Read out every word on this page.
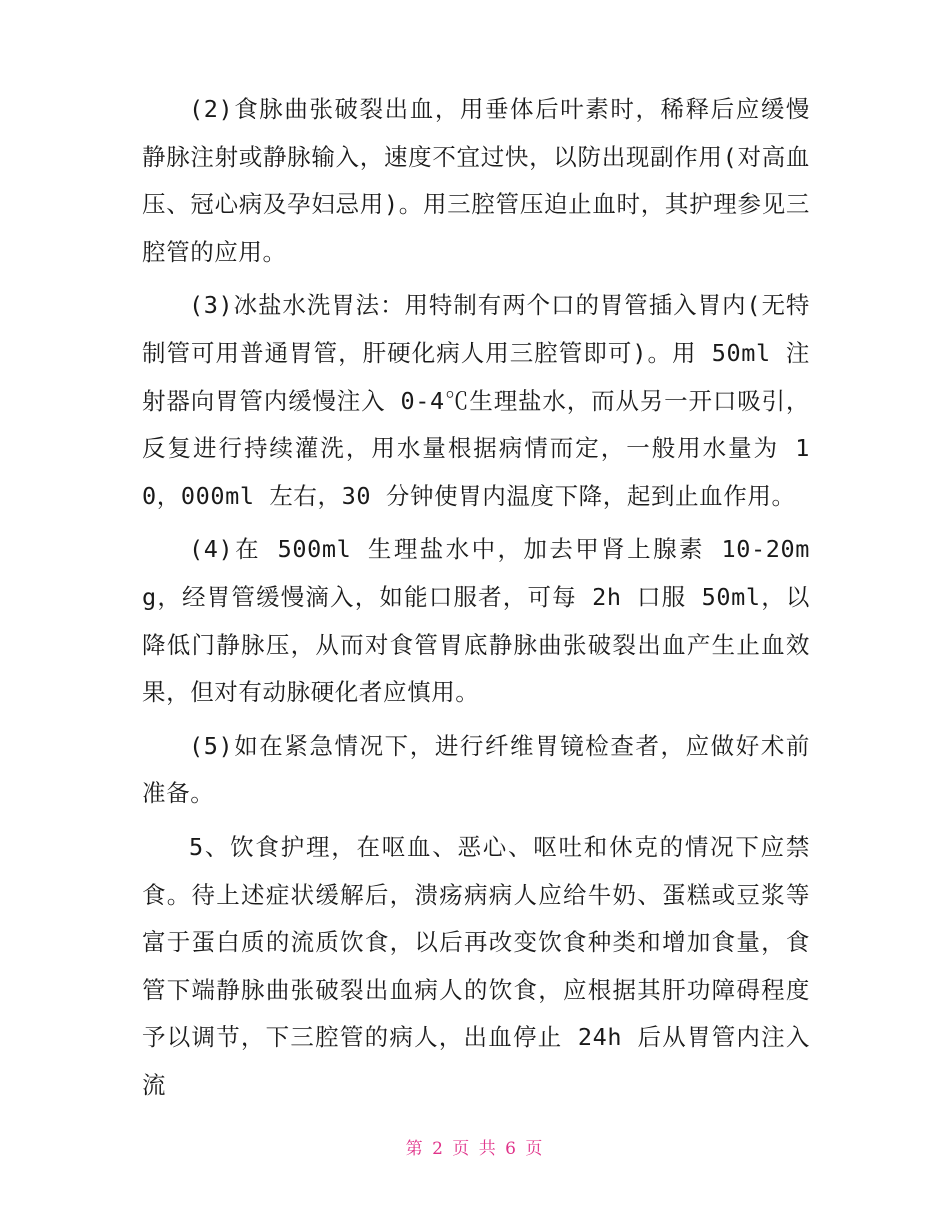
(2)食脉曲张破裂出血，用垂体后叶素时，稀释后应缓慢静脉注射或静脉输入，速度不宜过快，以防出现副作用(对高血压、冠心病及孕妇忌用)。用三腔管压迫止血时，其护理参见三腔管的应用。

(3)冰盐水洗胃法：用特制有两个口的胃管插入胃内(无特制管可用普通胃管，肝硬化病人用三腔管即可)。用 50ml 注射器向胃管内缓慢注入 0-4℃生理盐水，而从另一开口吸引，反复进行持续灌洗，用水量根据病情而定，一般用水量为 10，000ml 左右，30 分钟使胃内温度下降，起到止血作用。

(4)在 500ml 生理盐水中，加去甲肾上腺素 10-20mg，经胃管缓慢滴入，如能口服者，可每 2h 口服 50ml，以降低门静脉压，从而对食管胃底静脉曲张破裂出血产生止血效果，但对有动脉硬化者应慎用。

(5)如在紧急情况下，进行纤维胃镜检查者，应做好术前准备。

5、饮食护理，在呕血、恶心、呕吐和休克的情况下应禁食。待上述症状缓解后，溃疡病病人应给牛奶、蛋糕或豆浆等富于蛋白质的流质饮食，以后再改变饮食种类和增加食量，食管下端静脉曲张破裂出血病人的饮食，应根据其肝功障碍程度予以调节，下三腔管的病人，出血停止 24h 后从胃管内注入流

第 2 页 共 6 页
